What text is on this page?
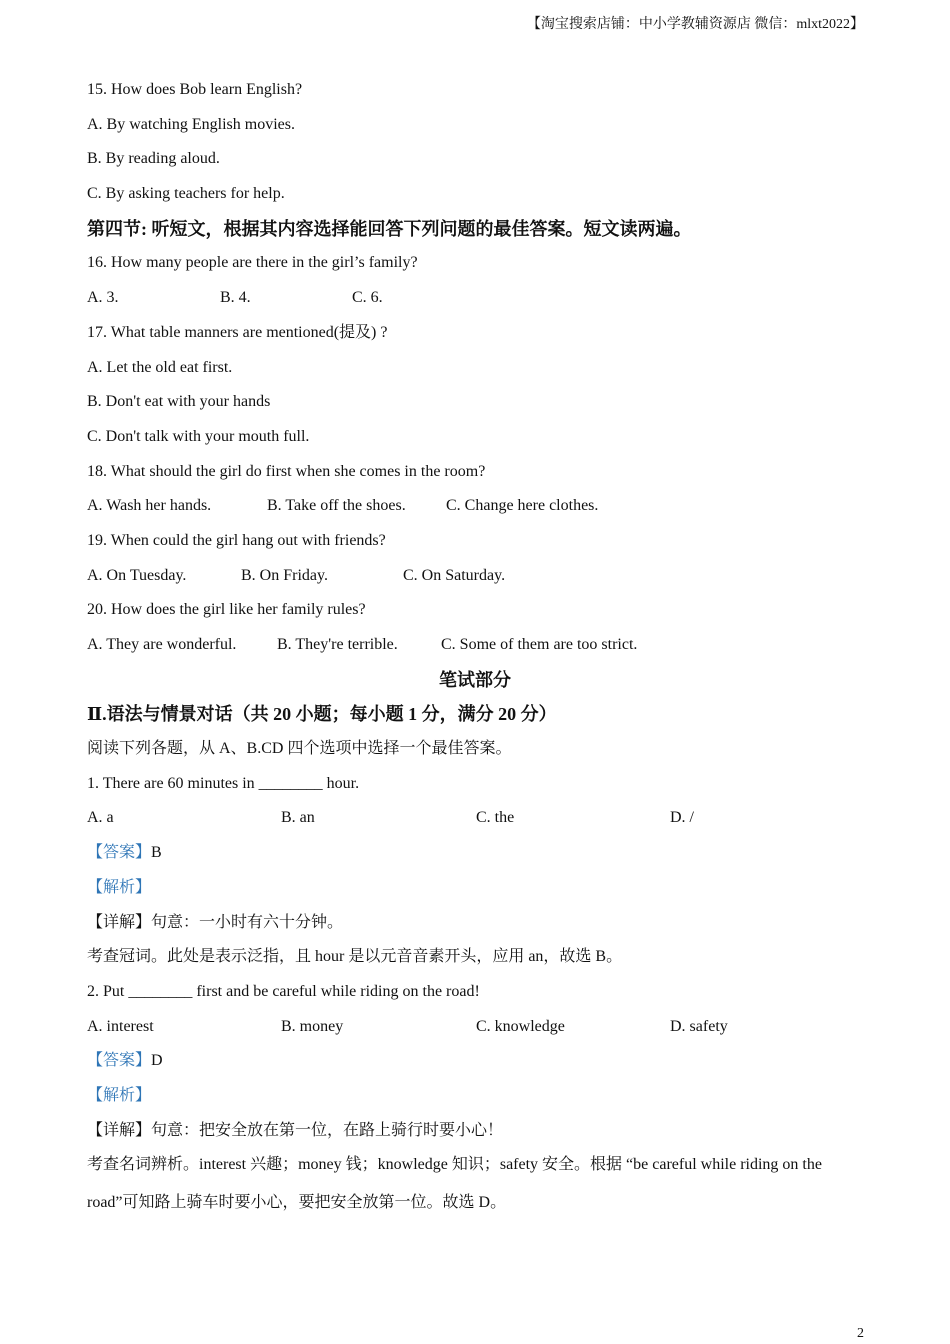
【淘宝搜索店铺：中小学教辅资源店 微信：mlxt2022】
15. How does Bob learn English?
A. By watching English movies.
B. By reading aloud.
C. By asking teachers for help.
第四节: 听短文，根据其内容选择能回答下列问题的最佳答案。短文读两遍。
16. How many people are there in the girl’s family?
A. 3.	B. 4.	C. 6.
17. What table manners are mentioned(提及) ?
A. Let the old eat first.
B. Don't eat with your hands
C. Don't talk with your mouth full.
18. What should the girl do first when she comes in the room?
A. Wash her hands.	B. Take off the shoes.	C. Change here clothes.
19. When could the girl hang out with friends?
A. On Tuesday.	B. On Friday.	C. On Saturday.
20. How does the girl like her family rules?
A. They are wonderful.	B. They're terrible.	C. Some of them are too strict.
笔试部分
Ⅱ.语法与情景对话（共 20 小题；每小题 1 分，满分 20 分）
阅读下列各题，从 A、B.CD 四个选项中选择一个最佳答案。
1. There are 60 minutes in ________ hour.
A. a	B. an	C. the	D. /
【答案】B
【解析】
【详解】句意：一小时有六十分钟。
考查冠词。此处是表示泛指，且 hour 是以元音音素开头，应用 an，故选 B。
2. Put ________ first and be careful while riding on the road!
A. interest	B. money	C. knowledge	D. safety
【答案】D
【解析】
【详解】句意：把安全放在第一位，在路上骑行时要小心！
考查名词辨析。interest 兴趣；money 钱；knowledge 知识；safety 安全。根据 “be careful while riding on the road”可知路上骑车时要小心，要把安全放第一位。故选 D。
2
